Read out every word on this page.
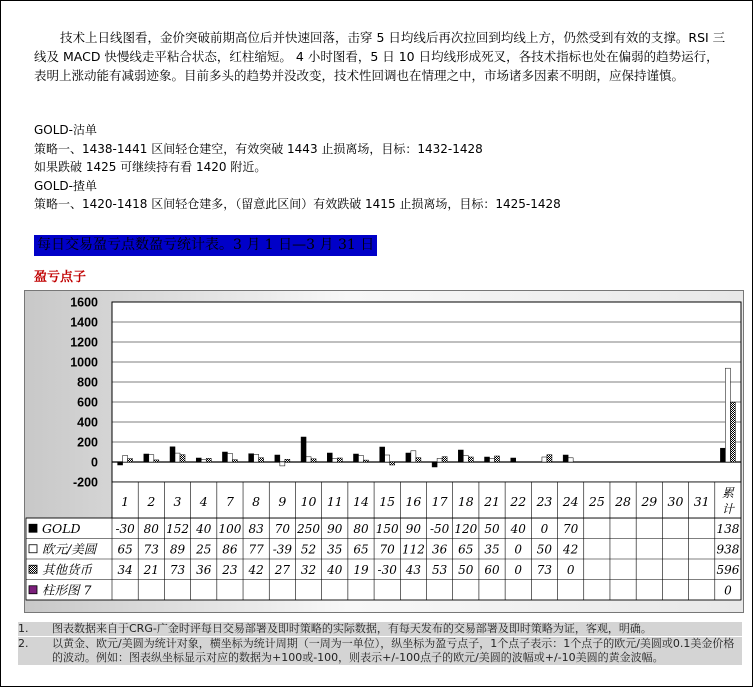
技术上日线图看，金价突破前期高位后并快速回落，击穿 5 日均线后再次拉回到均线上方，仍然受到有效的支撑。RSI 三线及 MACD 快慢线走平粘合状态，红柱缩短。 4 小时图看，5 日 10 日均线形成死叉，各技术指标也处在偏弱的趋势运行，表明上涨动能有减弱迹象。目前多头的趋势并没改变，技术性回调也在情理之中，市场诸多因素不明朗，应保持谨慎。

GOLD-沽单
策略一、1438-1441 区间轻仓建空，有效突破 1443 止损离场，目标：1432-1428
如果跌破 1425 可继续持有看 1420 附近。
GOLD-揸单
策略一、1420-1418 区间轻仓建多，（留意此区间）有效跌破 1415 止损离场，目标：1425-1428
每日交易盈亏点数盈亏统计表。3 月 1 日—3 月 31 日
盈亏点子
1600
1400
1200
1000
800
600
400
200
0
-200
1 2 3 4 7 8 9 10 11 14 15 16 17 18 21 22 23 24 25 28 29 30 31
累
计
GOLD	-30 80 152 40 100 83 70 250 90 80 150 90 -50 120 50 40 0 70	138
欧元/美圆 65 73 89 25 86 77 -39 52 35 65 70 112 36 65 35 0 50 42	938
其他货币 34 21 73 36 23 42 27 32 40 19 -30 43 53 50 60 0 73 0	596
柱形图 7	0
1. 图表数据来自于CRG-广金时评每日交易部署及即时策略的实际数据，有每天发布的交易部署及即时策略为证，客观，明确。
2. 以黄金、欧元/美圆为统计对象，横坐标为统计周期（一周为一单位），纵坐标为盈亏点子，1个点子表示：1个点子的欧元/美圆或0.1美金价格的波动。例如：图表纵坐标显示对应的数据为+100或-100，则表示+/-100点子的欧元/美圆的波幅或+/-10美圆的黄金波幅。
